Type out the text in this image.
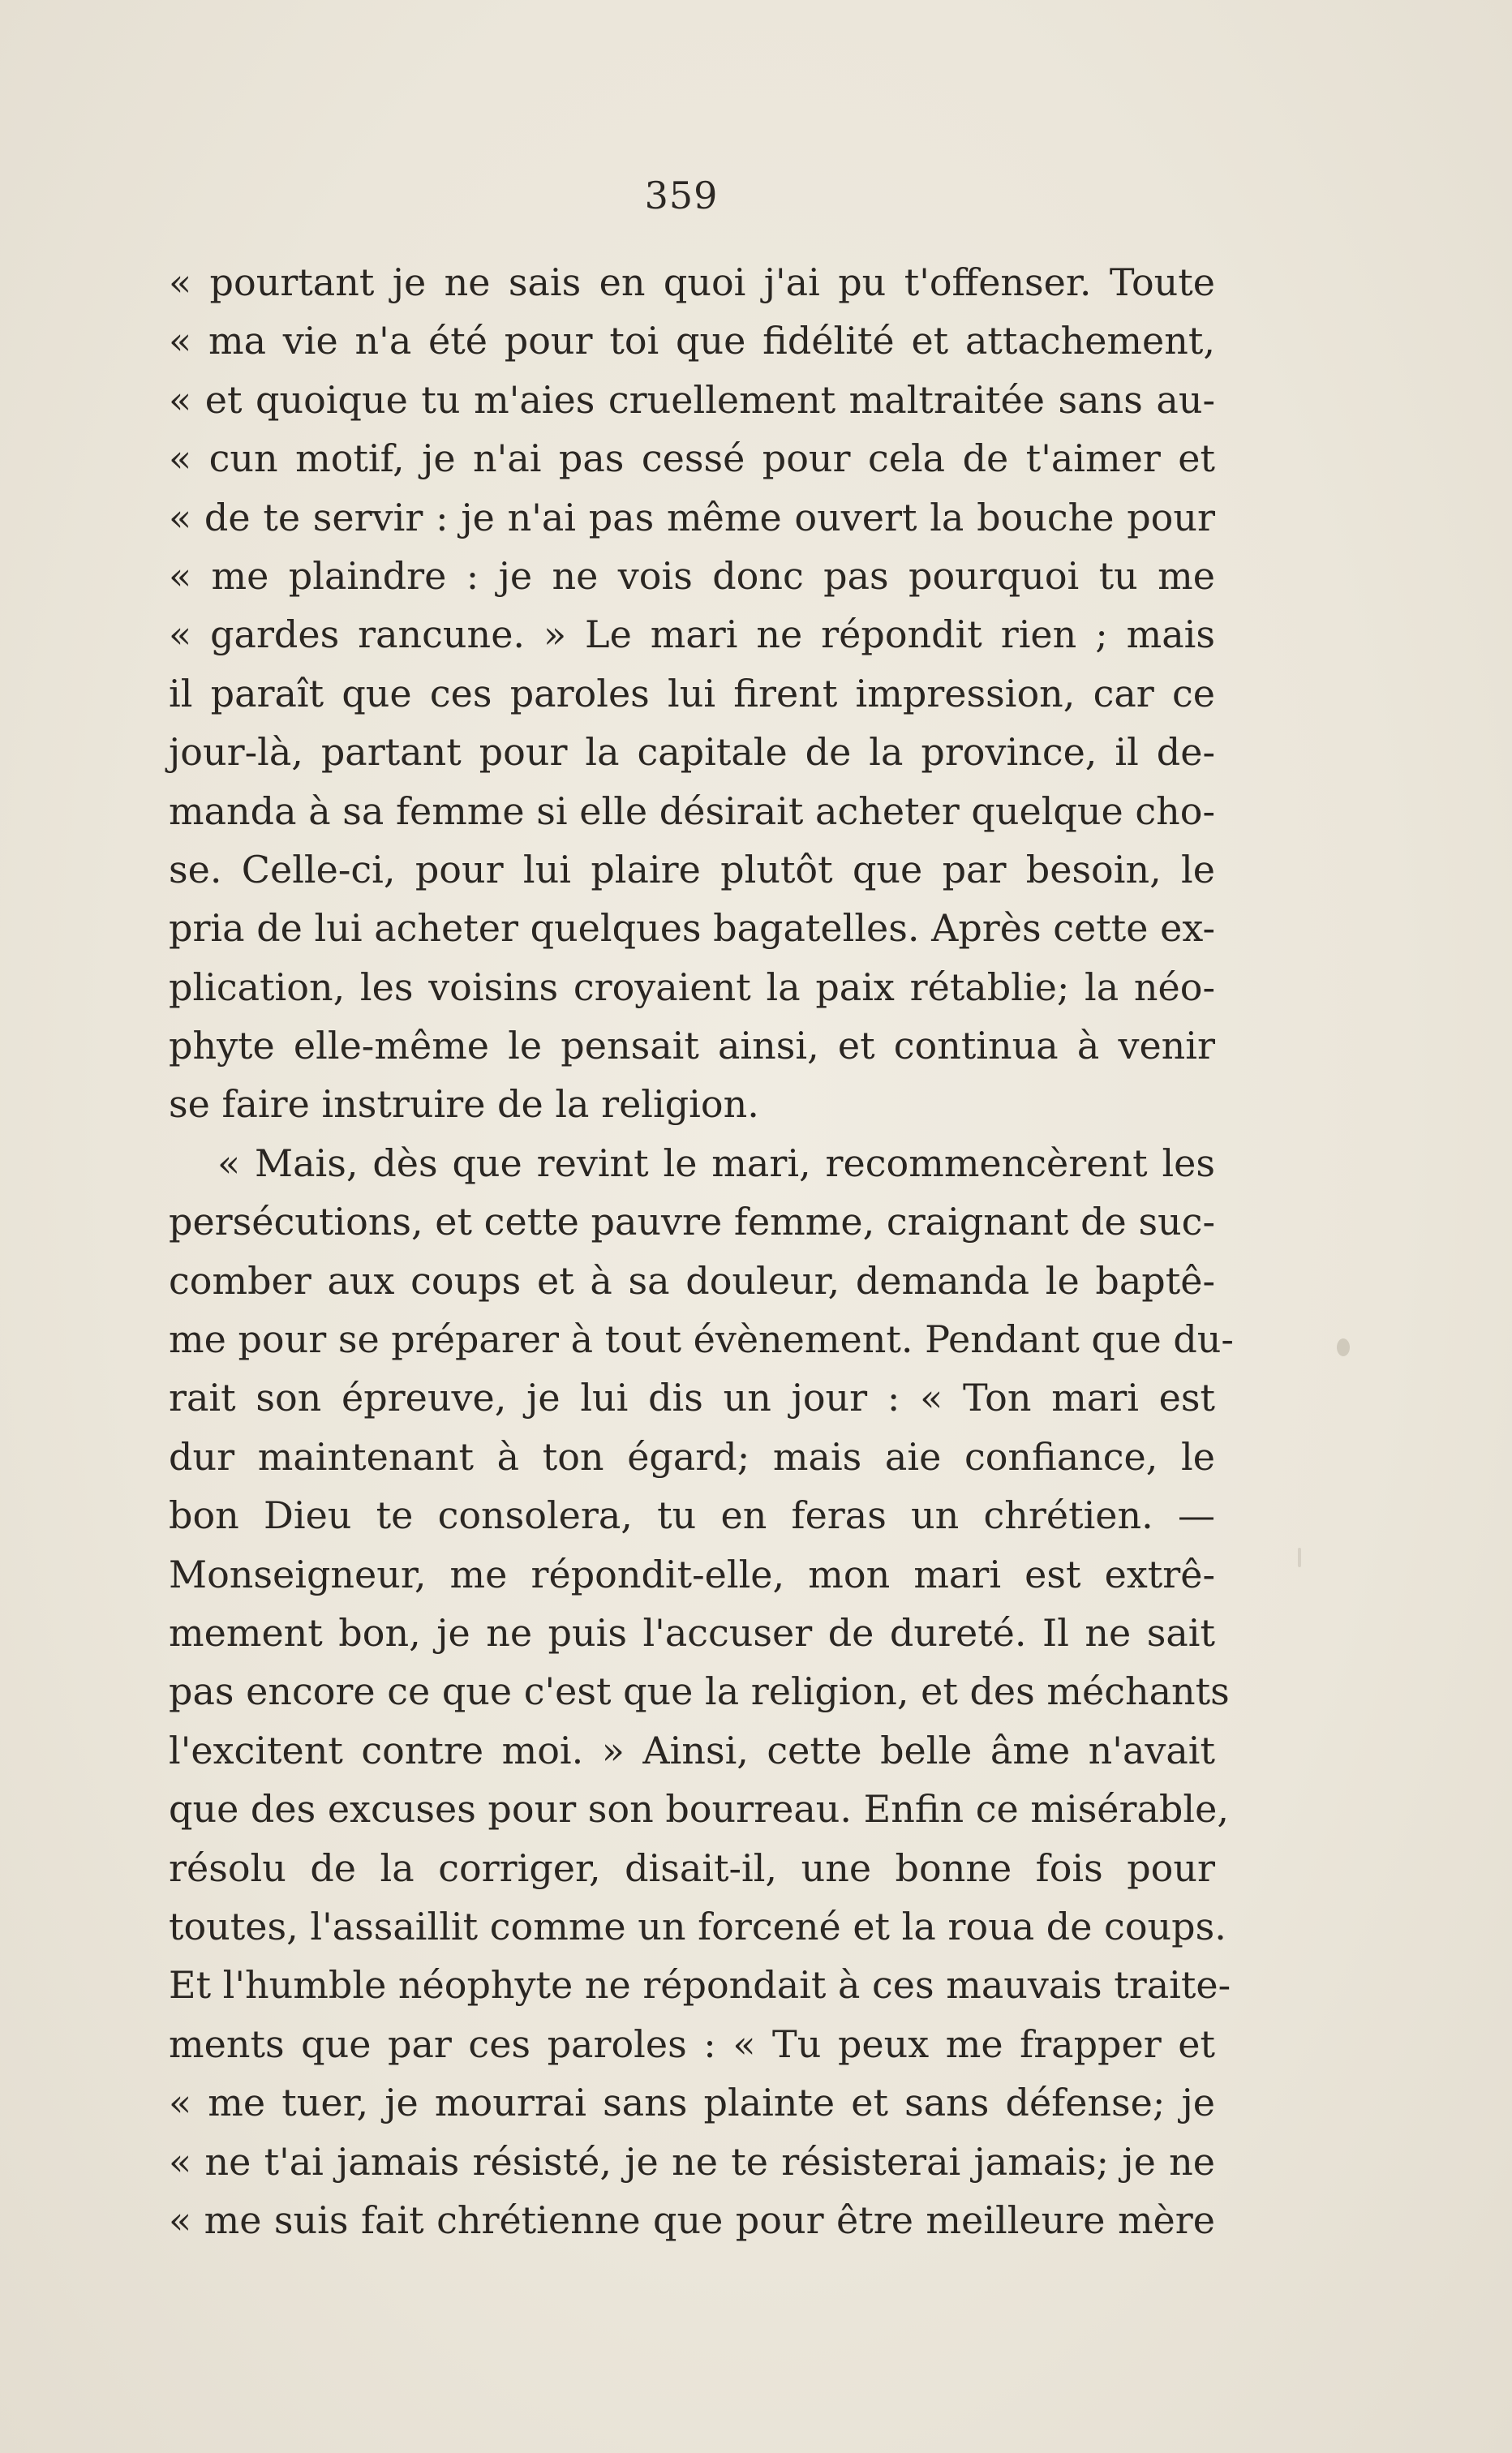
359
« pourtant je ne sais en quoi j'ai pu t'offenser. Toute
« ma vie n'a été pour toi que fidélité et attachement,
« et quoique tu m'aies cruellement maltraitée sans au-
« cun motif, je n'ai pas cessé pour cela de t'aimer et
« de te servir : je n'ai pas même ouvert la bouche pour
« me plaindre : je ne vois donc pas pourquoi tu me
« gardes rancune. » Le mari ne répondit rien ; mais
il paraît que ces paroles lui firent impression, car ce
jour-là, partant pour la capitale de la province, il de-
manda à sa femme si elle désirait acheter quelque cho-
se. Celle-ci, pour lui plaire plutôt que par besoin, le
pria de lui acheter quelques bagatelles. Après cette ex-
plication, les voisins croyaient la paix rétablie; la néo-
phyte elle-même le pensait ainsi, et continua à venir
se faire instruire de la religion.
« Mais, dès que revint le mari, recommencèrent les
persécutions, et cette pauvre femme, craignant de suc-
comber aux coups et à sa douleur, demanda le baptê-
me pour se préparer à tout évènement. Pendant que du-
rait son épreuve, je lui dis un jour : « Ton mari est
dur maintenant à ton égard; mais aie confiance, le
bon Dieu te consolera, tu en feras un chrétien. —
Monseigneur, me répondit-elle, mon mari est extrê-
mement bon, je ne puis l'accuser de dureté. Il ne sait
pas encore ce que c'est que la religion, et des méchants
l'excitent contre moi. » Ainsi, cette belle âme n'avait
que des excuses pour son bourreau. Enfin ce misérable,
résolu de la corriger, disait-il, une bonne fois pour
toutes, l'assaillit comme un forcené et la roua de coups.
Et l'humble néophyte ne répondait à ces mauvais traite-
ments que par ces paroles : « Tu peux me frapper et
« me tuer, je mourrai sans plainte et sans défense; je
« ne t'ai jamais résisté, je ne te résisterai jamais; je ne
« me suis fait chrétienne que pour être meilleure mère
